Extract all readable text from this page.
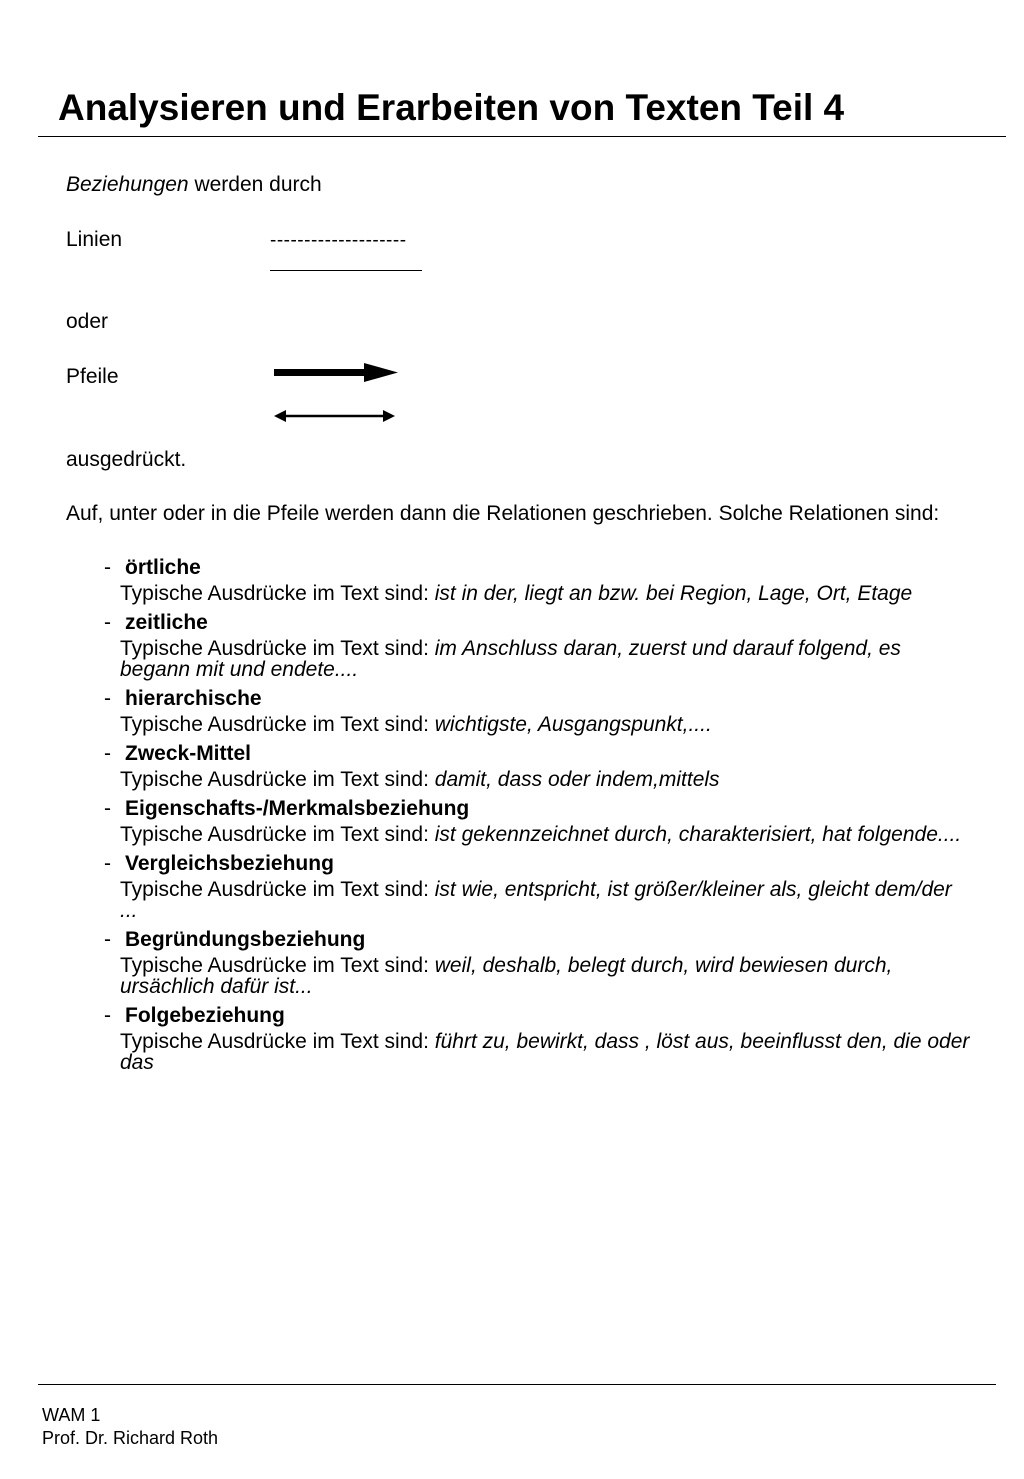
Analysieren und Erarbeiten von Texten Teil 4
Beziehungen werden durch
Linien	--------------------
oder
Pfeile
ausgedrückt.
Auf, unter oder in die Pfeile werden dann die Relationen geschrieben. Solche Relationen sind:
- örtliche
Typische Ausdrücke im Text sind: ist in der, liegt an bzw. bei Region, Lage, Ort, Etage
- zeitliche
Typische Ausdrücke im Text sind: im Anschluss daran, zuerst und darauf folgend, es begann mit und endete....
- hierarchische
Typische Ausdrücke im Text sind: wichtigste, Ausgangspunkt,....
- Zweck-Mittel
Typische Ausdrücke im Text sind: damit, dass oder indem,mittels
- Eigenschafts-/Merkmalsbeziehung
Typische Ausdrücke im Text sind: ist gekennzeichnet durch, charakterisiert, hat folgende....
- Vergleichsbeziehung
Typische Ausdrücke im Text sind: ist wie, entspricht, ist größer/kleiner als, gleicht dem/der ...
- Begründungsbeziehung
Typische Ausdrücke im Text sind: weil, deshalb, belegt durch, wird bewiesen durch, ursächlich dafür ist...
- Folgebeziehung
Typische Ausdrücke im Text sind: führt zu, bewirkt, dass , löst aus, beeinflusst den, die oder das
WAM 1
Prof. Dr. Richard Roth
